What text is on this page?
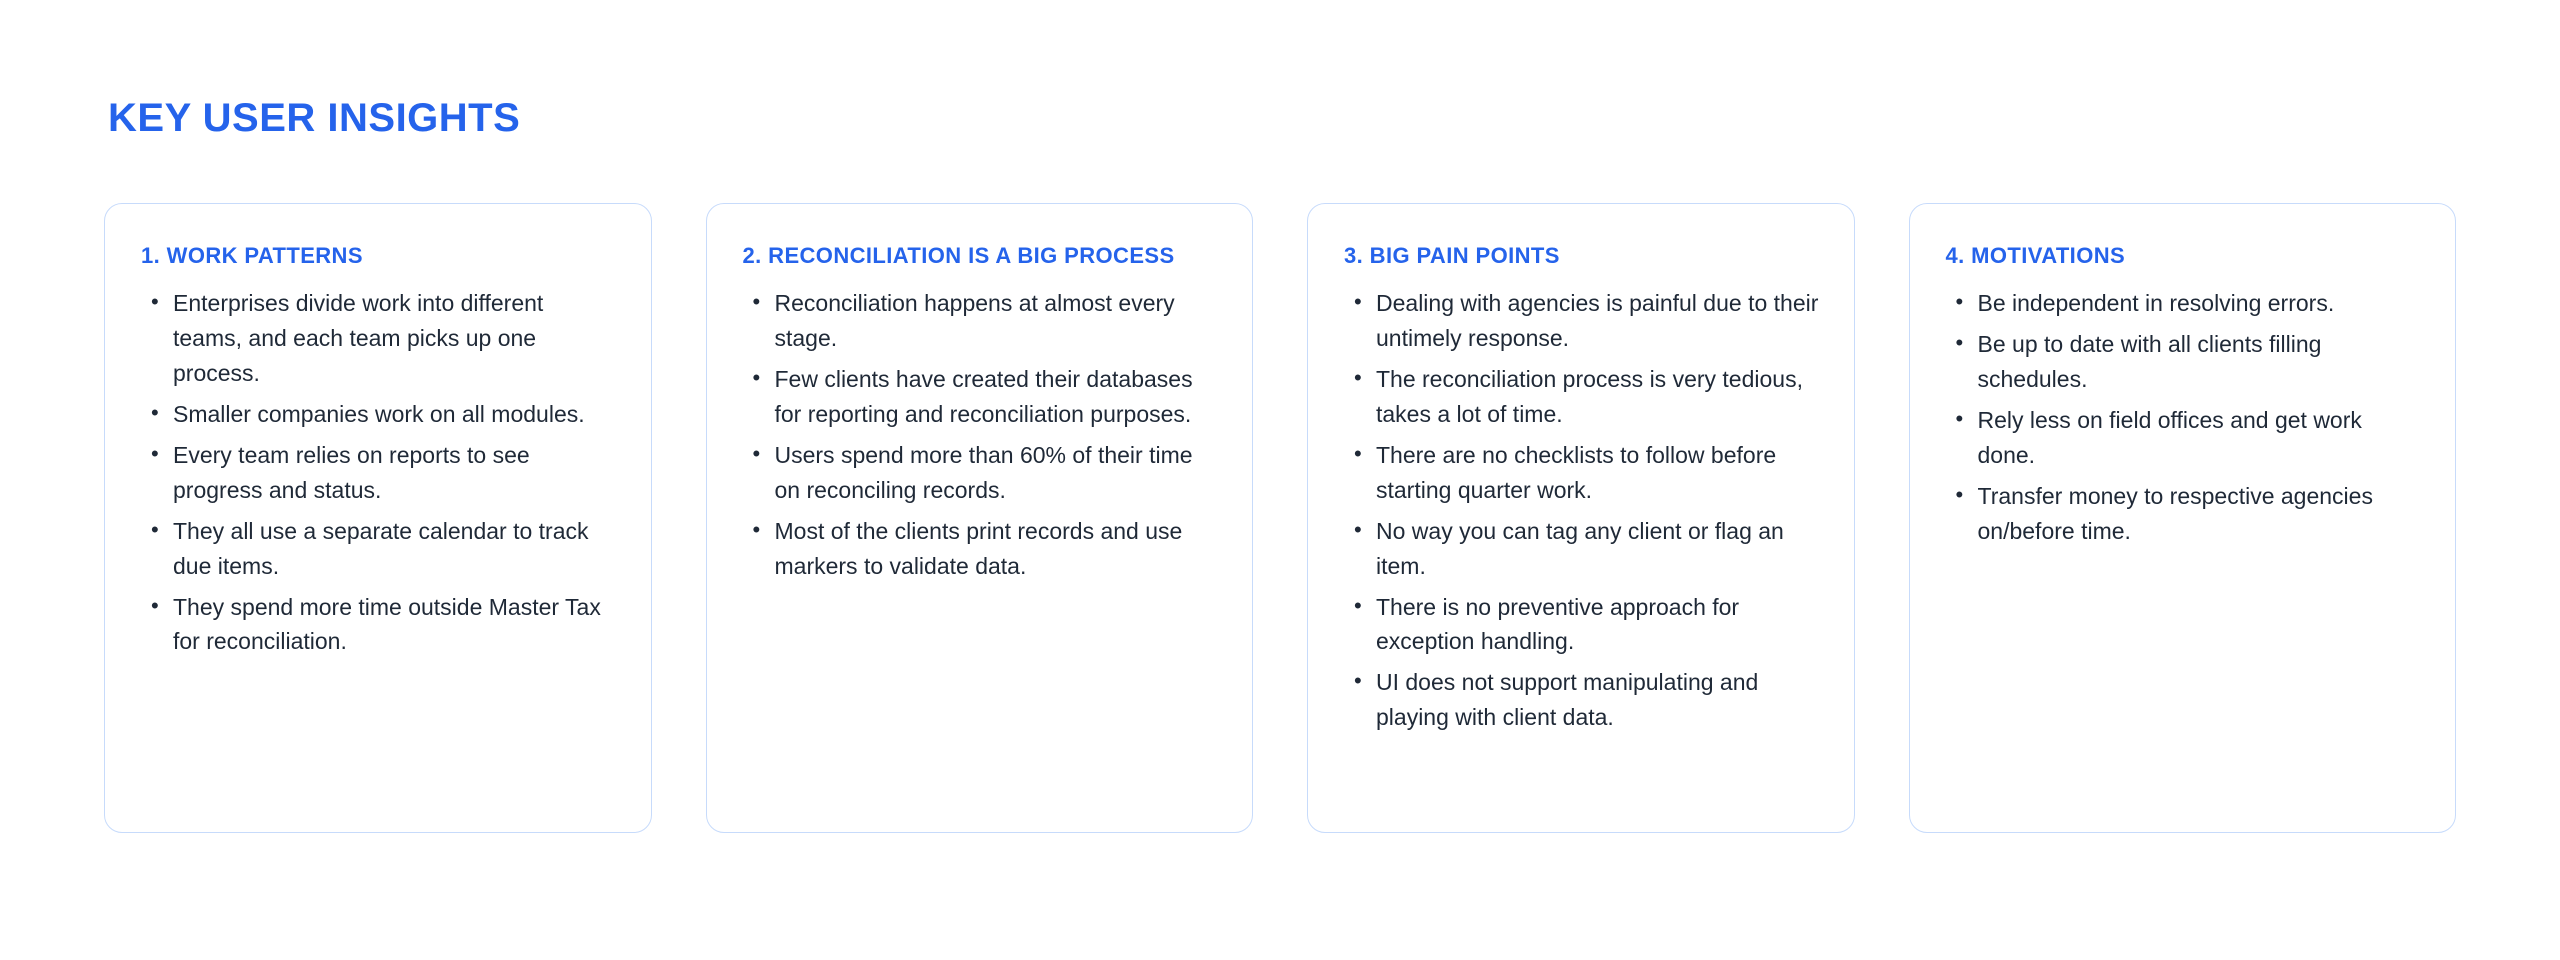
KEY USER INSIGHTS
1. WORK PATTERNS
• Enterprises divide work into different teams, and each team picks up one process.
• Smaller companies work on all modules.
• Every team relies on reports to see progress and status.
• They all use a separate calendar to track due items.
• They spend more time outside Master Tax for reconciliation.
2. RECONCILIATION IS A BIG PROCESS
• Reconciliation happens at almost every stage.
• Few clients have created their databases for reporting and reconciliation purposes.
• Users spend more than 60% of their time on reconciling records.
• Most of the clients print records and use markers to validate data.
3. BIG PAIN POINTS
• Dealing with agencies is painful due to their untimely response.
• The reconciliation process is very tedious, takes a lot of time.
• There are no checklists to follow before starting quarter work.
• No way you can tag any client or flag an item.
• There is no preventive approach for exception handling.
• UI does not support manipulating and playing with client data.
4. MOTIVATIONS
• Be independent in resolving errors.
• Be up to date with all clients filling schedules.
• Rely less on field offices and get work done.
• Transfer money to respective agencies on/before time.
